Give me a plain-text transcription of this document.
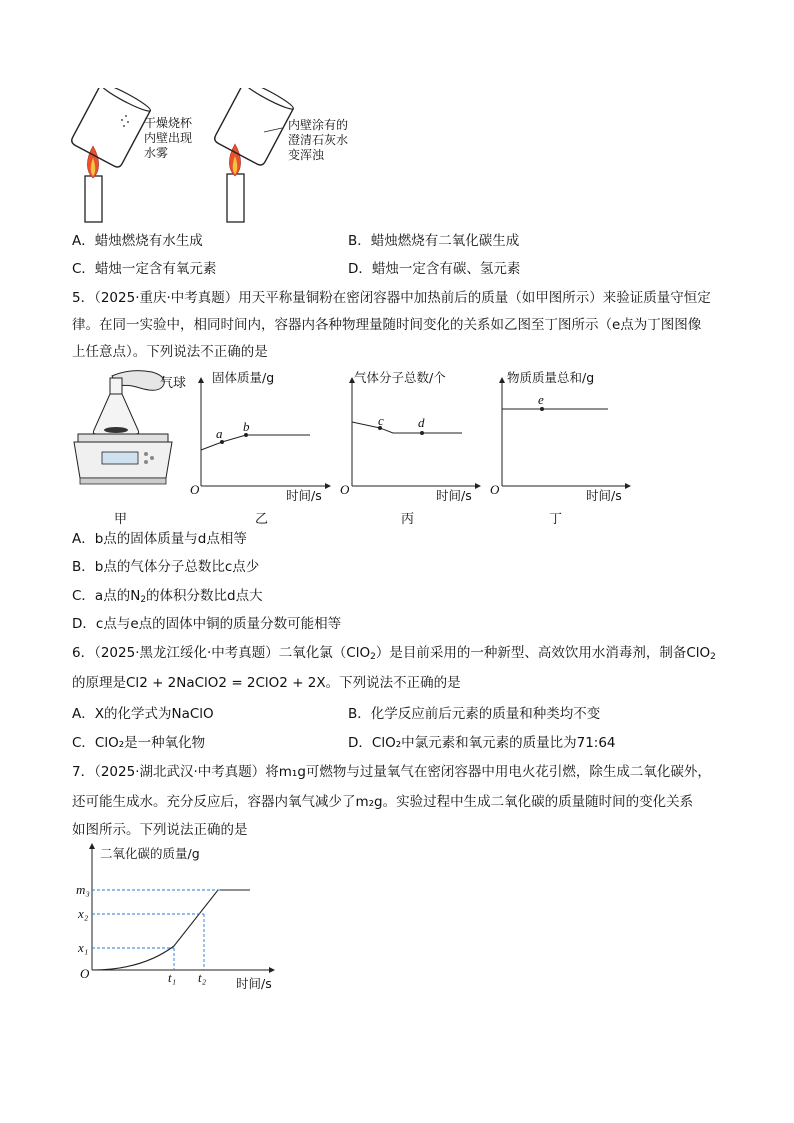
干燥烧杯
内壁出现
水雾
内壁涂有的
澄清石灰水
变浑浊
A．蜡烛燃烧有水生成	B．蜡烛燃烧有二氧化碳生成
C．蜡烛一定含有氧元素	D．蜡烛一定含有碳、氢元素
5．（2025·重庆·中考真题）用天平称量铜粉在密闭容器中加热前后的质量（如甲图所示）来验证质量守恒定
律。在同一实验中，相同时间内，容器内各种物理量随时间变化的关系如乙图至丁图所示（e点为丁图图像
上任意点）。下列说法不正确的是
气球 固体质量/g	气体分子总数/个	物质质量总和/g
a b	c	d
e
O	O	O
时间/s	时间/s	时间/s
甲	乙	丙	丁
A．b点的固体质量与d点相等
B．b点的气体分子总数比c点少
C．a点的$N_2$的体积分数比d点大
D．c点与e点的固体中铜的质量分数可能相等
6．（2025·黑龙江绥化·中考真题）二氧化氯（ClO$_2$）是目前采用的一种新型、高效饮用水消毒剂，制备ClO$_2$
的原理是Cl2 + 2NaClO2 = 2ClO2 + 2X。下列说法不正确的是
A．X的化学式为NaClO	B．化学反应前后元素的质量和种类均不变
C．ClO₂是一种氧化物	D．ClO₂中氯元素和氧元素的质量比为71:64
7．（2025·湖北武汉·中考真题）将m₁g可燃物与过量氧气在密闭容器中用电火花引燃，除生成二氧化碳外，
还可能生成水。充分反应后，容器内氧气减少了m₂g。实验过程中生成二氧化碳的质量随时间的变化关系
如图所示。下列说法正确的是
二氧化碳的质量/g
m₃
x₂
x₁
O	t₁ t₂ 时间/s
